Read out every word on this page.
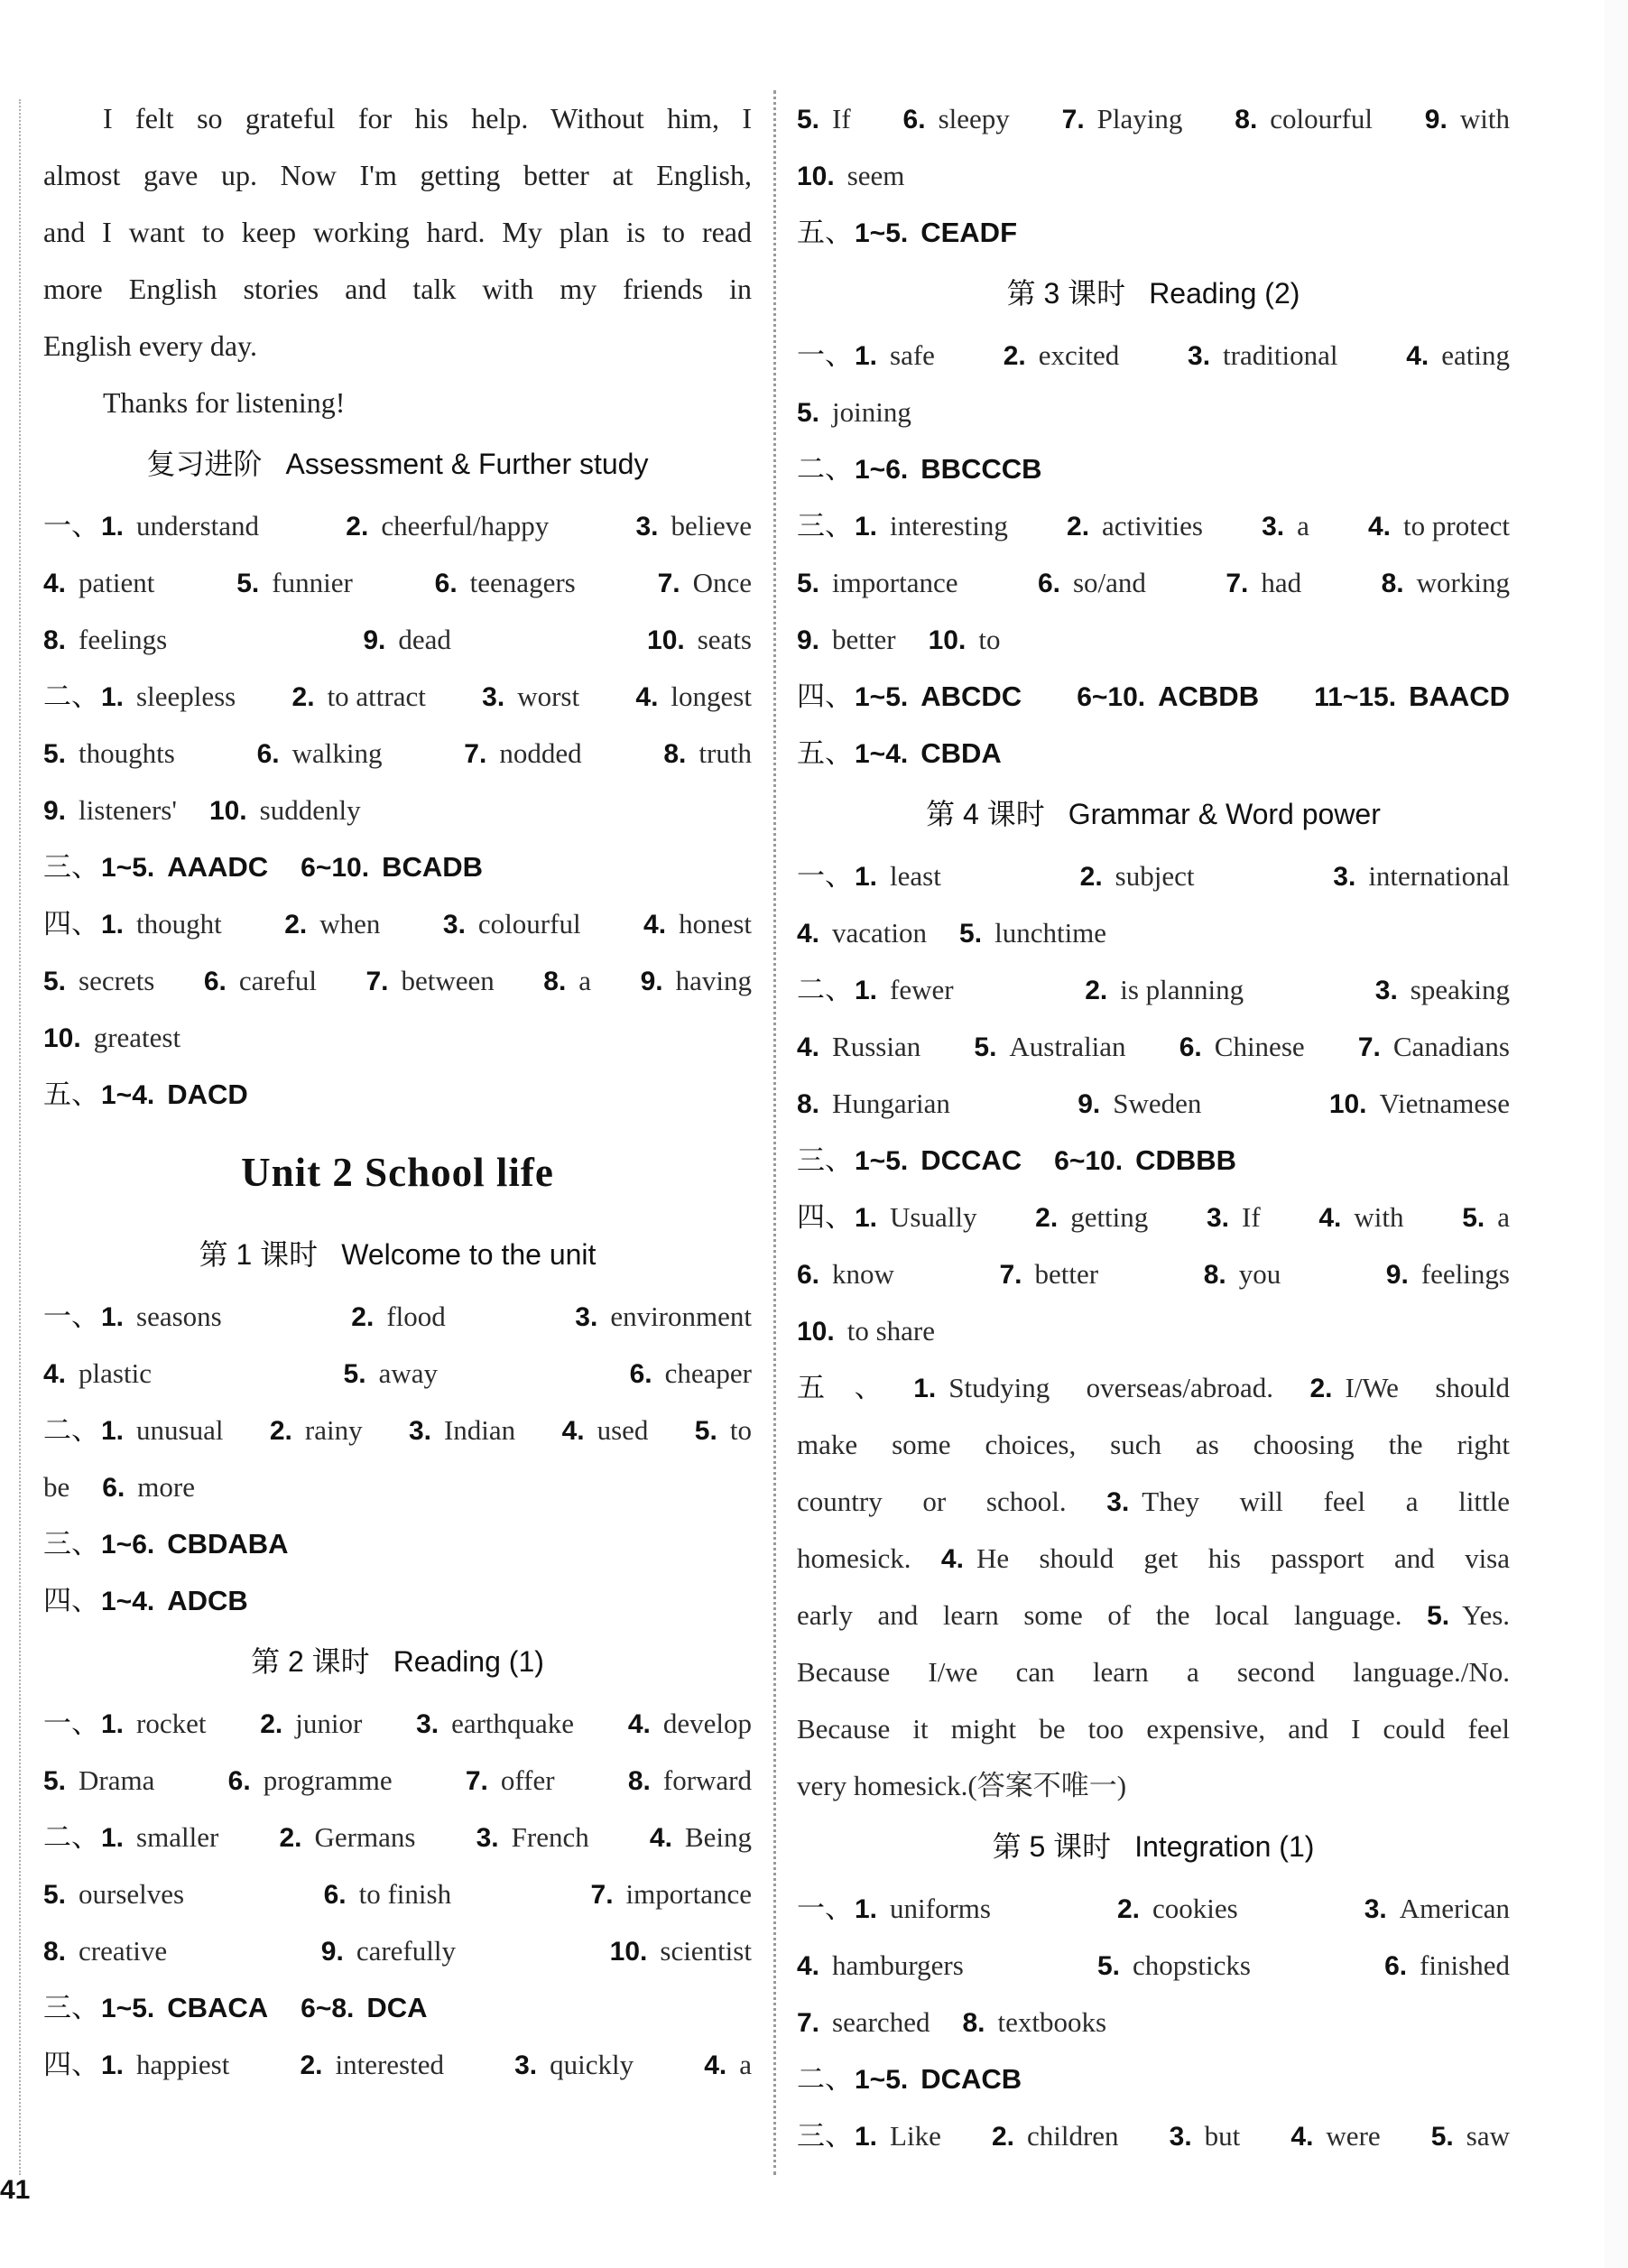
I felt so grateful for his help. Without him, I
almost gave up. Now I'm getting better at English,
and I want to keep working hard. My plan is to read
more English stories and talk with my friends in
English every day.
Thanks for listening!
复习进阶 Assessment & Further study
一、1. understand	2. cheerful/happy	3. believe
4. patient	5. funnier	6. teenagers	7. Once
8. feelings	9. dead	10. seats
二、1. sleepless 2. to attract 3. worst 4. longest
5. thoughts	6. walking	7. nodded	8. truth
9. listeners' 10. suddenly
三、1~5. AAADC 6~10. BCADB
四、1. thought 2. when 3. colourful 4. honest
5. secrets 6. careful 7. between 8. a 9. having
10. greatest
五、1~4. DACD
Unit 2 School life
第 1 课时 Welcome to the unit
一、1. seasons	2. flood	3. environment
4. plastic	5. away	6. cheaper
二、1. unusual 2. rainy 3. Indian 4. used 5. to
be 6. more
三、1~6. CBDABA
四、1~4. ADCB
第 2 课时 Reading (1)
一、1. rocket 2. junior 3. earthquake 4. develop
5. Drama	6. programme	7. offer	8. forward
二、1. smaller 2. Germans 3. French 4. Being
5. ourselves	6. to finish	7. importance
8. creative	9. carefully	10. scientist
三、1~5. CBACA 6~8. DCA
四、1. happiest	2. interested	3. quickly	4. a
5. If 6. sleepy 7. Playing 8. colourful 9. with
10. seem
五、1~5. CEADF
第 3 课时 Reading (2)
一、1. safe	2. excited	3. traditional	4. eating
5. joining
二、1~6. BBCCCB
三、1. interesting 2. activities 3. a 4. to protect
5. importance	6. so/and	7. had	8. working
9. better 10. to
四、1~5. ABCDC 6~10. ACBDB 11~15. BAACD
五、1~4. CBDA
第 4 课时 Grammar & Word power
一、1. least	2. subject	3. international
4. vacation 5. lunchtime
二、1. fewer	2. is planning	3. speaking
4. Russian 5. Australian 6. Chinese 7. Canadians
8. Hungarian	9. Sweden	10. Vietnamese
三、1~5. DCCAC 6~10. CDBBB
四、1. Usually 2. getting 3. If 4. with 5. a
6. know	7. better	8. you	9. feelings
10. to share
五、1. Studying overseas/abroad. 2. I/We should
make some choices, such as choosing the right
country or school. 3. They will feel a little
homesick. 4. He should get his passport and visa
early and learn some of the local language. 5. Yes.
Because I/we can learn a second language./No.
Because it might be too expensive, and I could feel
very homesick.(答案不唯一)
第 5 课时 Integration (1)
一、1. uniforms	2. cookies	3. American
4. hamburgers	5. chopsticks	6. finished
7. searched 8. textbooks
二、1~5. DCACB
三、1. Like 2. children 3. but 4. were 5. saw
41
